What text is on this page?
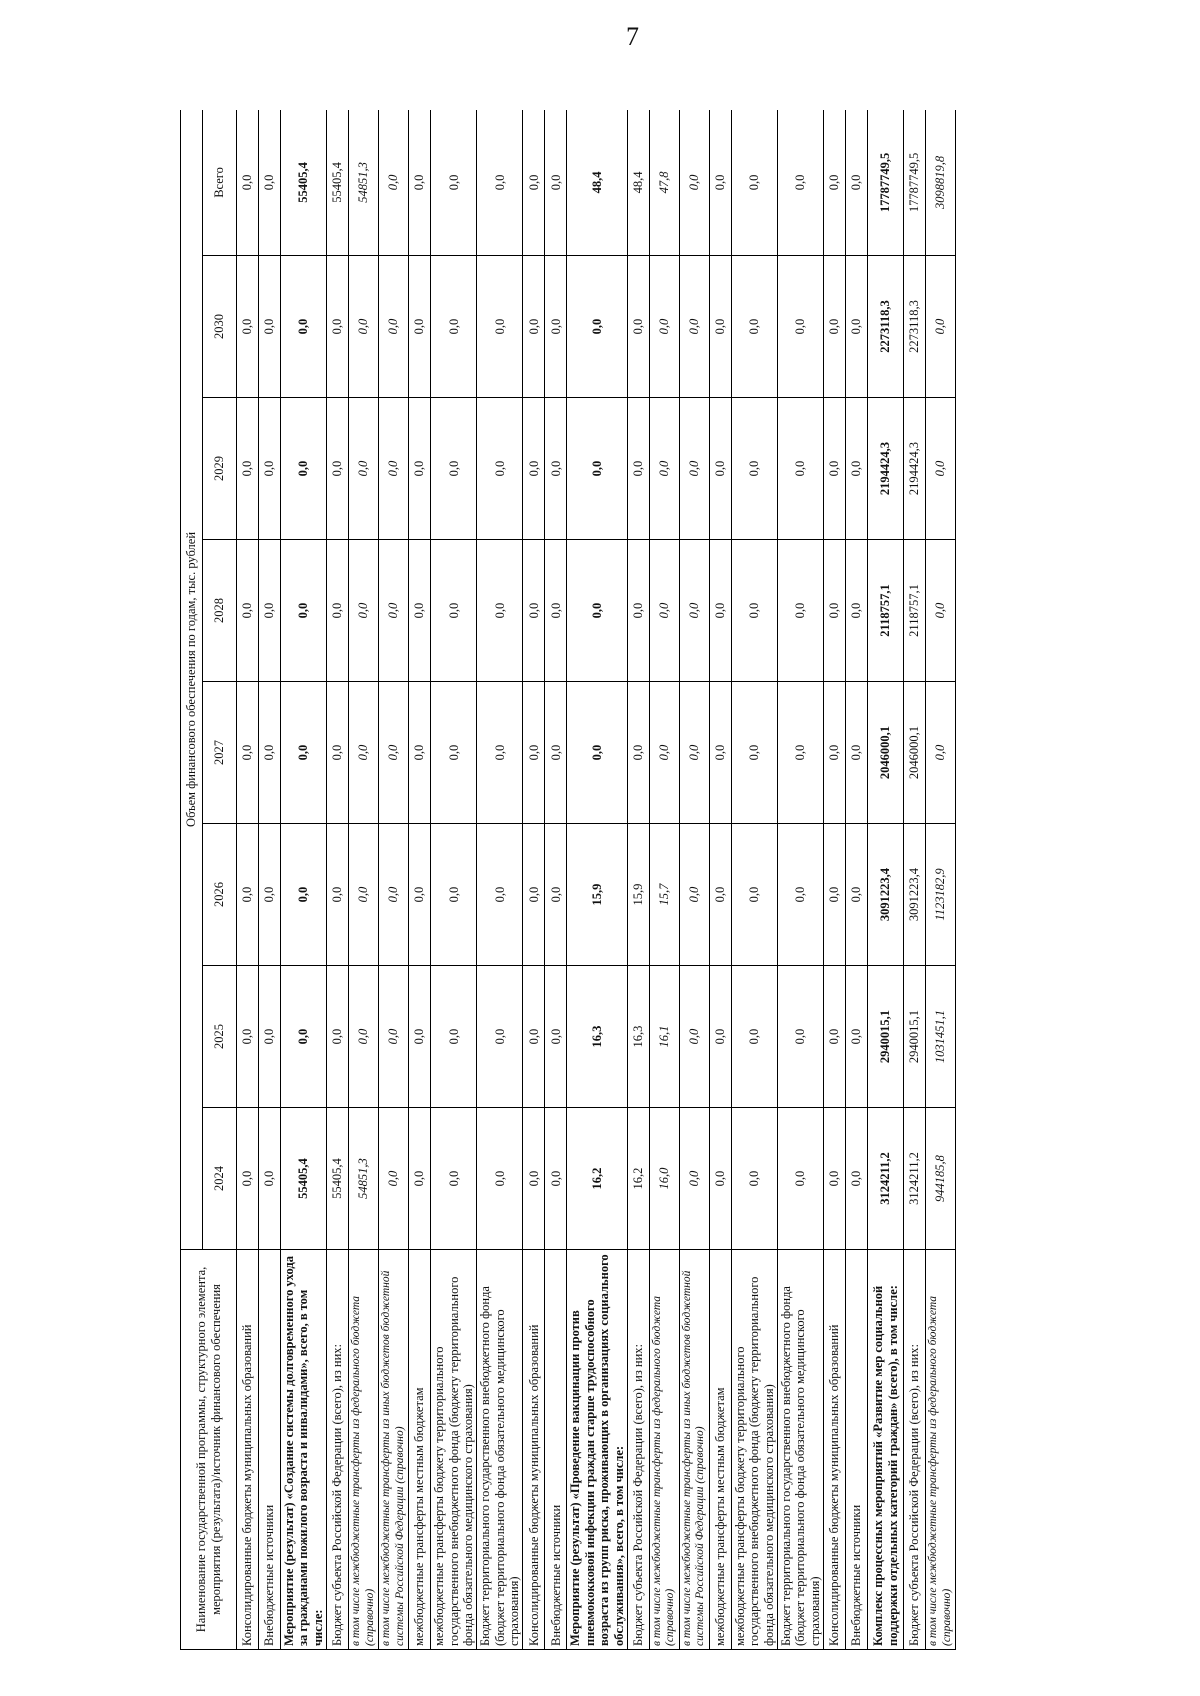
7
Наименование государственной программы, структурного элемента, мероприятия (результата)/источник финансового обеспечения	Объем финансового обеспечения по годам, тыс. рублей							
	2024	2025	2026	2027	2028	2029	2030	Всего
Консолидированные бюджеты муниципальных образований	0,0	0,0	0,0	0,0	0,0	0,0	0,0	0,0
Внебюджетные источники	0,0	0,0	0,0	0,0	0,0	0,0	0,0	0,0
Мероприятие (результат) «Создание системы долговременного ухода за гражданами пожилого возраста и инвалидами», всего, в том числе:	55405,4	0,0	0,0	0,0	0,0	0,0	0,0	55405,4
Бюджет субъекта Российской Федерации (всего), из них:	55405,4	0,0	0,0	0,0	0,0	0,0	0,0	55405,4
в том числе межбюджетные трансферты из федерального бюджета (справочно)	54851,3	0,0	0,0	0,0	0,0	0,0	0,0	54851,3
в том числе межбюджетные трансферты из иных бюджетов бюджетной системы Российской Федерации (справочно)	0,0	0,0	0,0	0,0	0,0	0,0	0,0	0,0
межбюджетные трансферты местным бюджетам	0,0	0,0	0,0	0,0	0,0	0,0	0,0	0,0
межбюджетные трансферты бюджету территориального государственного внебюджетного фонда (бюджету территориального фонда обязательного медицинского страхования)	0,0	0,0	0,0	0,0	0,0	0,0	0,0	0,0
Бюджет территориального государственного внебюджетного фонда (бюджет территориального фонда обязательного медицинского страхования)	0,0	0,0	0,0	0,0	0,0	0,0	0,0	0,0
Консолидированные бюджеты муниципальных образований	0,0	0,0	0,0	0,0	0,0	0,0	0,0	0,0
Внебюджетные источники	0,0	0,0	0,0	0,0	0,0	0,0	0,0	0,0
Мероприятие (результат) «Проведение вакцинации против пневмококковой инфекции граждан старше трудоспособного возраста из групп риска, проживающих в организациях социального обслуживания», всего, в том числе:	16,2	16,3	15,9	0,0	0,0	0,0	0,0	48,4
Бюджет субъекта Российской Федерации (всего), из них:	16,2	16,3	15,9	0,0	0,0	0,0	0,0	48,4
в том числе межбюджетные трансферты из федерального бюджета (справочно)	16,0	16,1	15,7	0,0	0,0	0,0	0,0	47,8
в том числе межбюджетные трансферты из иных бюджетов бюджетной системы Российской Федерации (справочно)	0,0	0,0	0,0	0,0	0,0	0,0	0,0	0,0
межбюджетные трансферты местным бюджетам	0,0	0,0	0,0	0,0	0,0	0,0	0,0	0,0
межбюджетные трансферты бюджету территориального государственного внебюджетного фонда (бюджету территориального фонда обязательного медицинского страхования)	0,0	0,0	0,0	0,0	0,0	0,0	0,0	0,0
Бюджет территориального государственного внебюджетного фонда (бюджет территориального фонда обязательного медицинского страхования)	0,0	0,0	0,0	0,0	0,0	0,0	0,0	0,0
Консолидированные бюджеты муниципальных образований	0,0	0,0	0,0	0,0	0,0	0,0	0,0	0,0
Внебюджетные источники	0,0	0,0	0,0	0,0	0,0	0,0	0,0	0,0
Комплекс процессных мероприятий «Развитие мер социальной поддержки отдельных категорий граждан» (всего), в том числе:	3124211,2	2940015,1	3091223,4	2046000,1	2118757,1	2194424,3	2273118,3	17787749,5
Бюджет субъекта Российской Федерации (всего), из них:	3124211,2	2940015,1	3091223,4	2046000,1	2118757,1	2194424,3	2273118,3	17787749,5
в том числе межбюджетные трансферты из федерального бюджета (справочно)	944185,8	1031451,1	1123182,9	0,0	0,0	0,0	0,0	3098819,8
